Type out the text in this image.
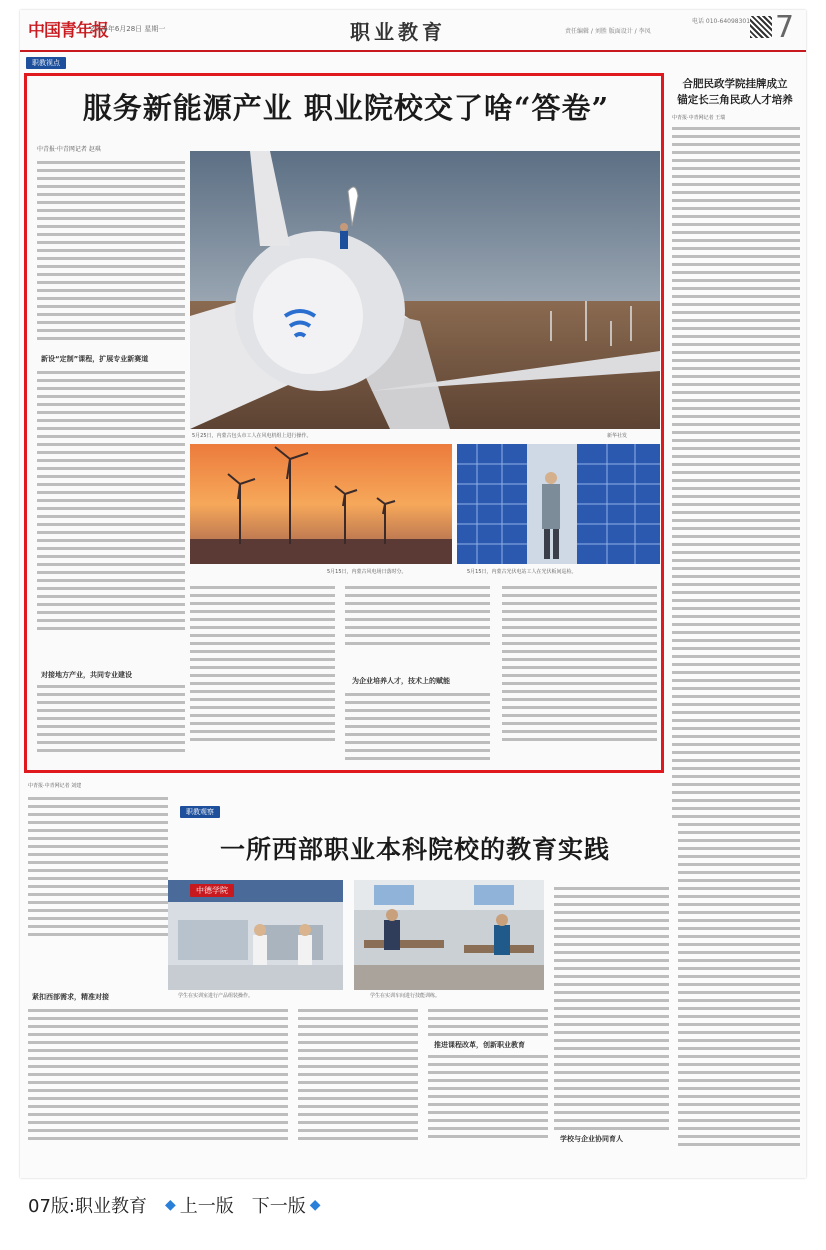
中国青年报
2024年6月28日 星期一	职业教育	责任编辑 / 刘胜 版面设计 / 李凤
电话 010-64098301 7
职教视点
服务新能源产业 职业院校交了啥“答卷”
中青报·中青网记者 赵琪
新设“定制”课程，扩展专业新赛道
对接地方产业，共同专业建设
5月25日，内蒙古包头市工人在风电机组上进行操作。	新华社发
5月15日，内蒙古风电场日落时分。	5月15日，内蒙古光伏电站工人在光伏板间巡检。
为企业培养人才，技术上的赋能
合肥民政学院挂牌成立
锚定长三角民政人才培养
中青报·中青网记者 王瑞
中青报·中青网记者 刘建
职教观察
紧扣西部需求，精准对接
一所西部职业本科院校的教育实践
中德学院
学生在实训室进行产品组装操作。	学生在实训车间进行技能训练。
推进课程改革，创新职业教育
学校与企业协同育人
07版:职业教育 ◆ 上一版 下一版 ◆
